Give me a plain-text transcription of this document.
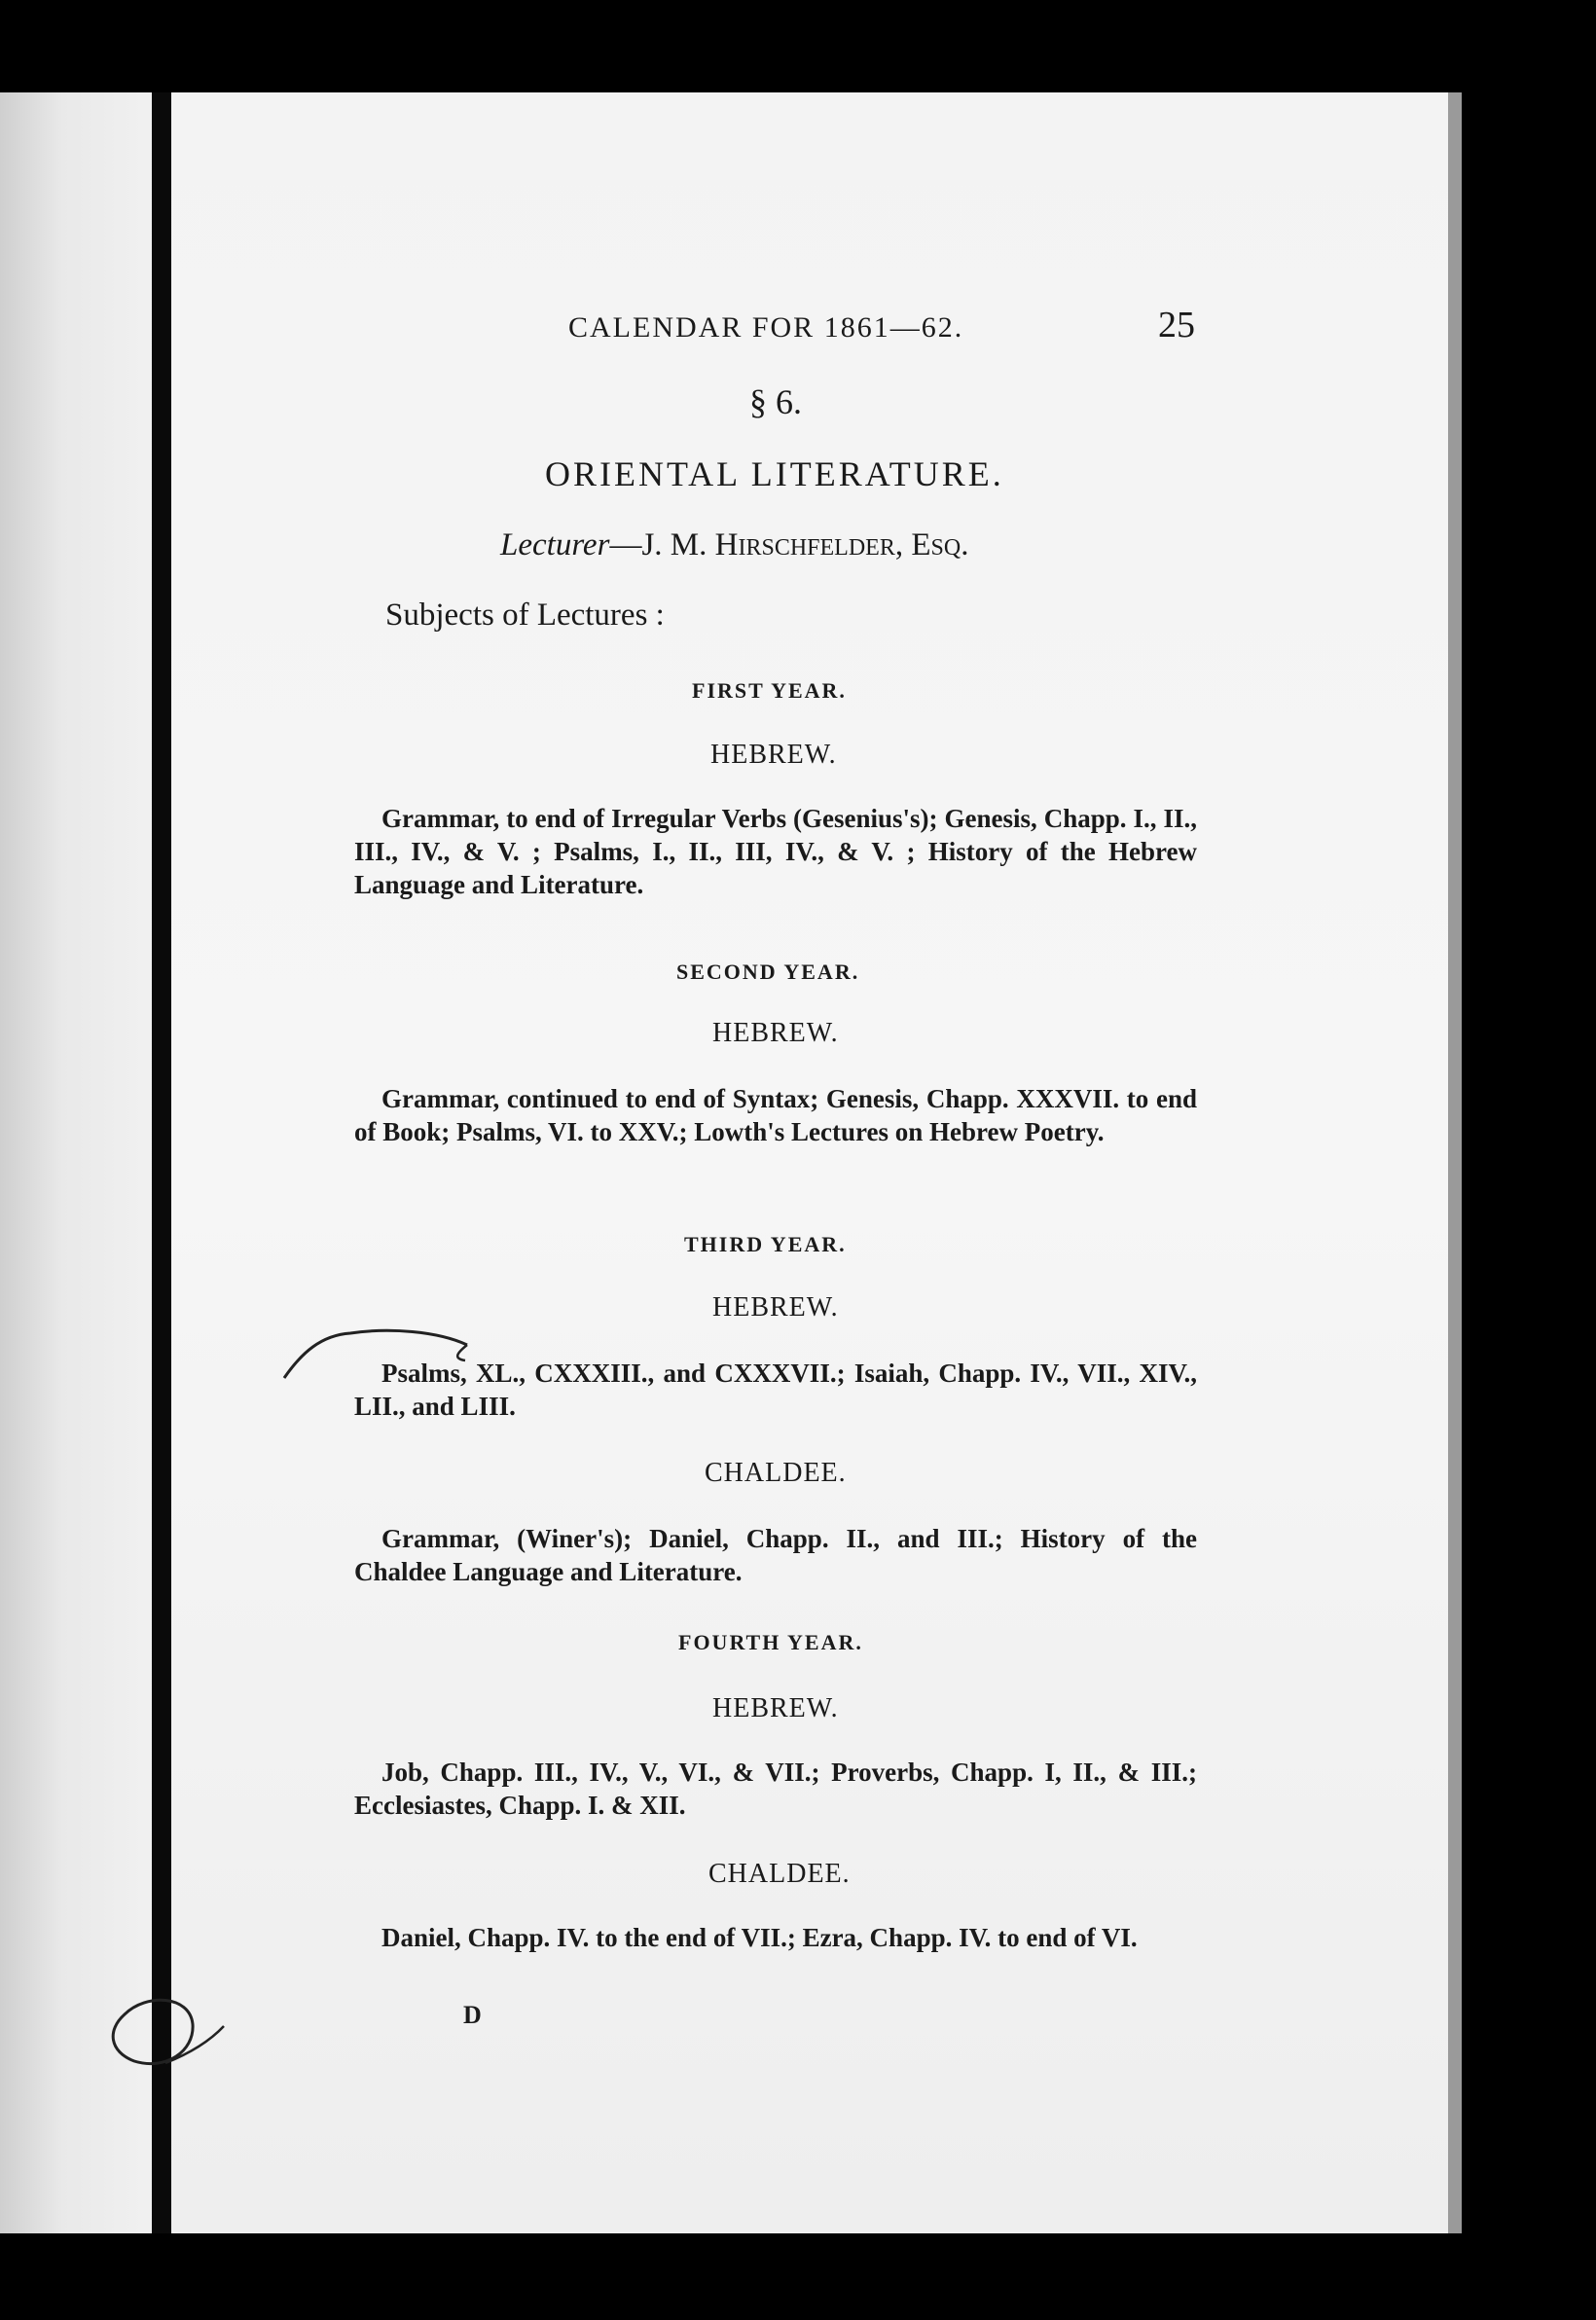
CALENDAR FOR 1861—62.	25
§ 6.
ORIENTAL LITERATURE.
Lecturer—J. M. HIRSCHFELDER, ESQ.
Subjects of Lectures :
FIRST YEAR.
HEBREW.
Grammar, to end of Irregular Verbs (Gesenius's); Genesis, Chapp. I., II., III., IV., & V. ; Psalms, I., II., III, IV., & V. ; History of the Hebrew Language and Literature.
SECOND YEAR.
HEBREW.
Grammar, continued to end of Syntax; Genesis, Chapp. XXXVII. to end of Book; Psalms, VI. to XXV.; Lowth's Lectures on Hebrew Poetry.
THIRD YEAR.
HEBREW.
Psalms, XL., CXXXIII., and CXXXVII.; Isaiah, Chapp. IV., VII., XIV., LII., and LIII.
CHALDEE.
Grammar, (Winer's); Daniel, Chapp. II., and III.; History of the Chaldee Language and Literature.
FOURTH YEAR.
HEBREW.
Job, Chapp. III., IV., V., VI., & VII.; Proverbs, Chapp. I, II., & III.; Ecclesiastes, Chapp. I. & XII.
CHALDEE.
Daniel, Chapp. IV. to the end of VII.; Ezra, Chapp. IV. to end of VI.
D
